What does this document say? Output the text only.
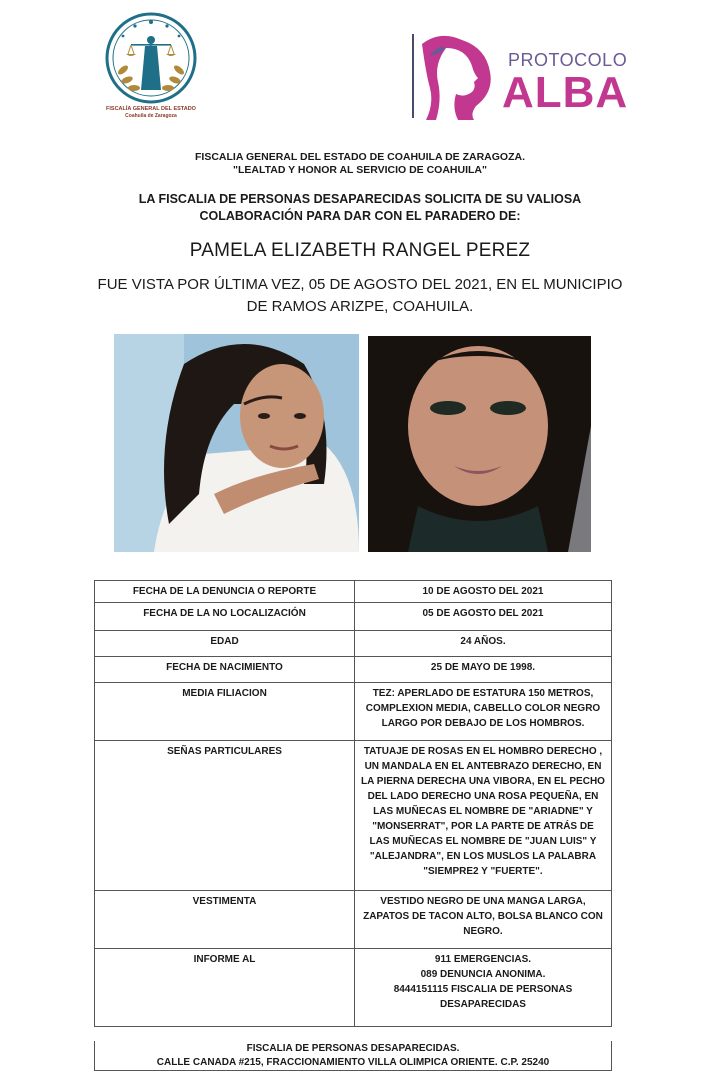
FISCALÍA GENERAL DEL ESTADO
Coahuila de Zaragoza
PROTOCOLO
ALBA
FISCALIA GENERAL DEL ESTADO DE COAHUILA DE ZARAGOZA.
"LEALTAD Y HONOR AL SERVICIO DE COAHUILA"
LA FISCALIA DE PERSONAS DESAPARECIDAS SOLICITA DE SU VALIOSA
COLABORACIÓN PARA DAR CON EL PARADERO DE:
PAMELA ELIZABETH RANGEL PEREZ
FUE VISTA POR ÚLTIMA VEZ, 05 DE AGOSTO DEL 2021, EN EL MUNICIPIO
DE RAMOS ARIZPE, COAHUILA.
FECHA DE LA DENUNCIA O REPORTE	10 DE AGOSTO DEL 2021
FECHA DE LA NO LOCALIZACIÓN	05 DE AGOSTO DEL 2021
EDAD	24 AÑOS.
FECHA DE NACIMIENTO	25 DE MAYO DE 1998.
MEDIA FILIACION	TEZ: APERLADO DE ESTATURA 150 METROS, COMPLEXION MEDIA, CABELLO COLOR NEGRO LARGO POR DEBAJO DE LOS HOMBROS.
SEÑAS PARTICULARES	TATUAJE DE ROSAS EN EL HOMBRO DERECHO , UN MANDALA EN EL ANTEBRAZO DERECHO, EN LA PIERNA DERECHA UNA VIBORA, EN EL PECHO DEL LADO DERECHO UNA ROSA PEQUEÑA, EN LAS MUÑECAS EL NOMBRE DE "ARIADNE" Y "MONSERRAT", POR LA PARTE DE ATRÁS DE LAS MUÑECAS EL NOMBRE DE "JUAN LUIS" Y "ALEJANDRA", EN LOS MUSLOS LA PALABRA "SIEMPRE2 Y "FUERTE".
VESTIMENTA	VESTIDO NEGRO DE UNA MANGA LARGA, ZAPATOS DE TACON ALTO, BOLSA BLANCO CON NEGRO.
INFORME AL	911 EMERGENCIAS.
089 DENUNCIA ANONIMA.
8444151115 FISCALIA DE PERSONAS DESAPARECIDAS
FISCALIA DE PERSONAS DESAPARECIDAS.
CALLE CANADA #215, FRACCIONAMIENTO VILLA OLIMPICA ORIENTE. C.P. 25240
